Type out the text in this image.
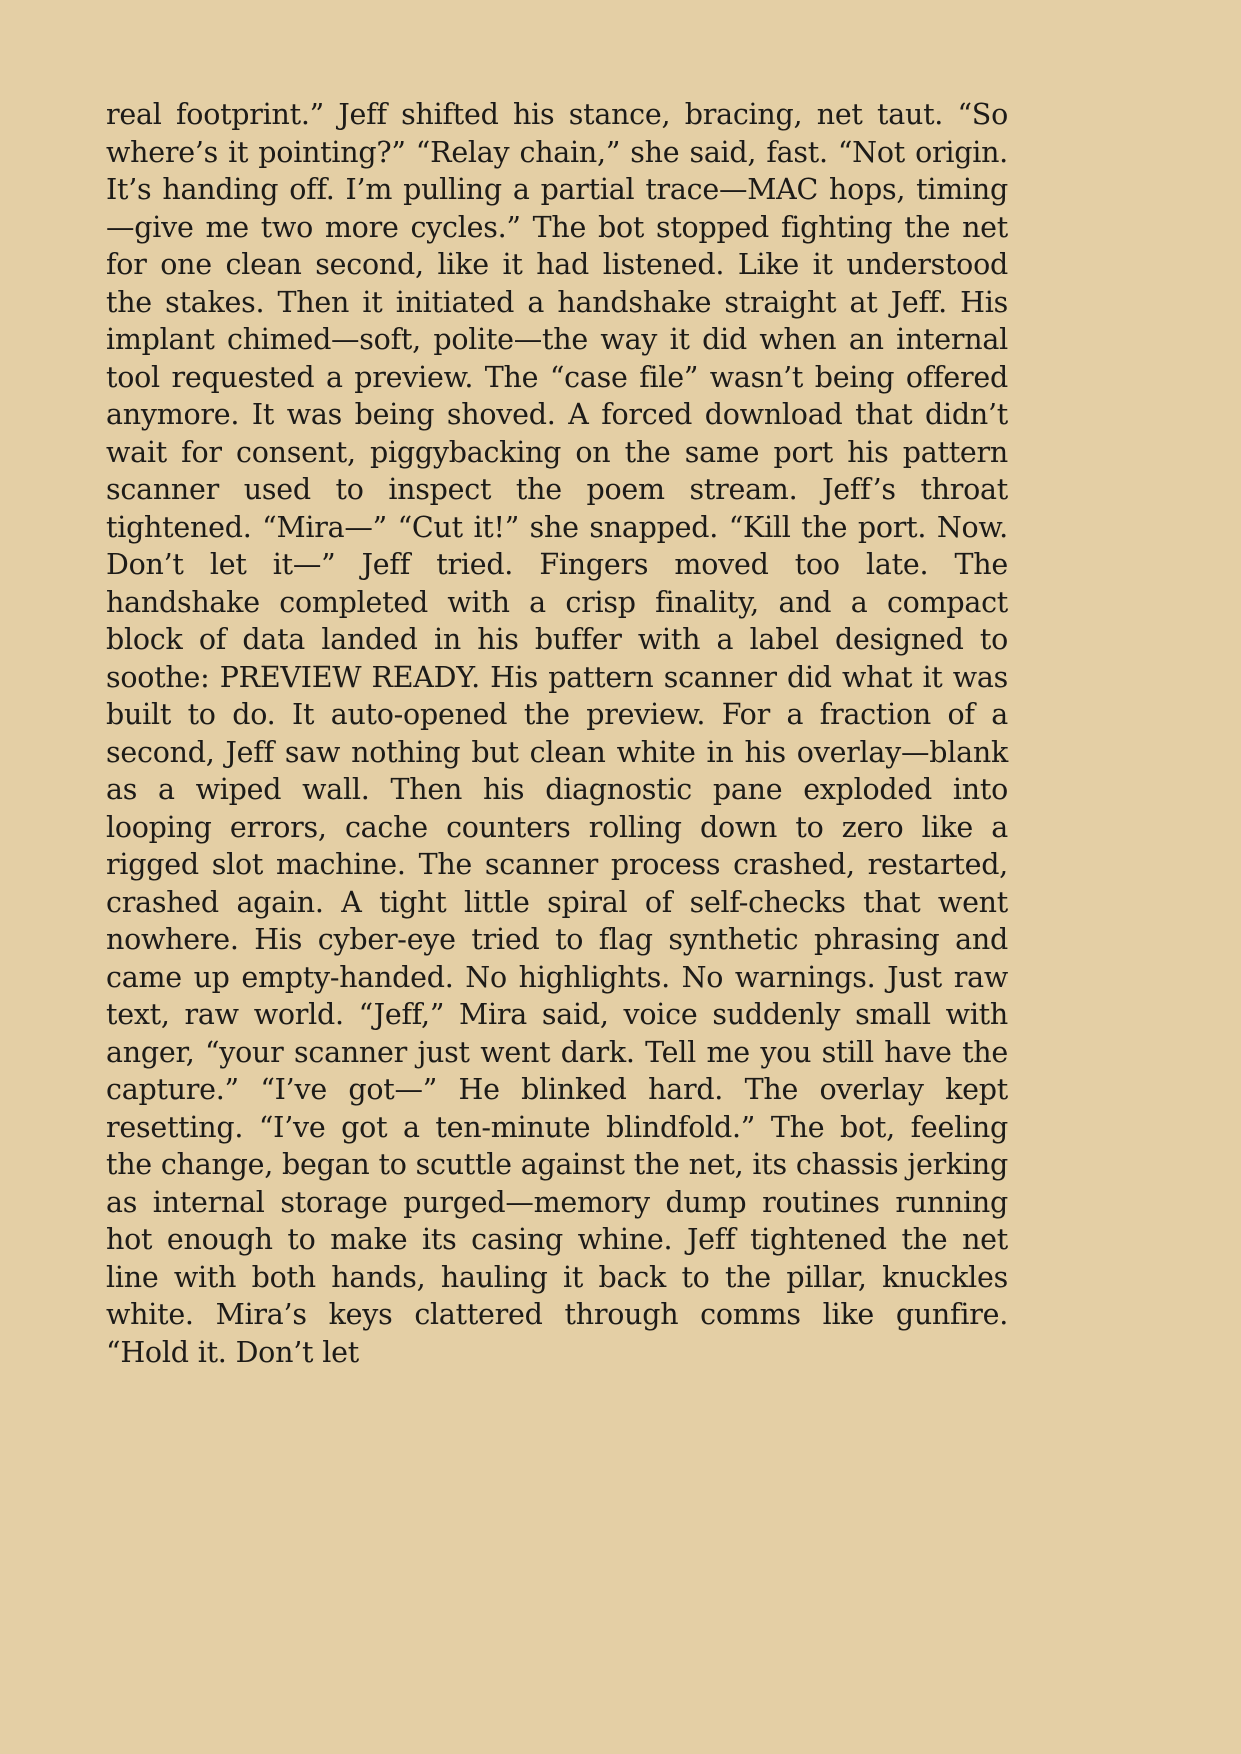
real footprint.” Jeff shifted his stance, bracing, net taut. “So where’s it pointing?” “Relay chain,” she said, fast. “Not origin. It’s handing off. I’m pulling a partial trace—MAC hops, timing—give me two more cycles.” The bot stopped fighting the net for one clean second, like it had listened. Like it understood the stakes. Then it initiated a handshake straight at Jeff. His implant chimed—soft, polite—the way it did when an internal tool requested a preview. The “case file” wasn’t being offered anymore. It was being shoved. A forced download that didn’t wait for consent, piggybacking on the same port his pattern scanner used to inspect the poem stream. Jeff’s throat tightened. “Mira—” “Cut it!” she snapped. “Kill the port. Now. Don’t let it—” Jeff tried. Fingers moved too late. The handshake completed with a crisp finality, and a compact block of data landed in his buffer with a label designed to soothe: PREVIEW READY. His pattern scanner did what it was built to do. It auto-opened the preview. For a fraction of a second, Jeff saw nothing but clean white in his overlay—blank as a wiped wall. Then his diagnostic pane exploded into looping errors, cache counters rolling down to zero like a rigged slot machine. The scanner process crashed, restarted, crashed again. A tight little spiral of self-checks that went nowhere. His cyber-eye tried to flag synthetic phrasing and came up empty-handed. No highlights. No warnings. Just raw text, raw world. “Jeff,” Mira said, voice suddenly small with anger, “your scanner just went dark. Tell me you still have the capture.” “I’ve got—” He blinked hard. The overlay kept resetting. “I’ve got a ten-minute blindfold.” The bot, feeling the change, began to scuttle against the net, its chassis jerking as internal storage purged—memory dump routines running hot enough to make its casing whine. Jeff tightened the net line with both hands, hauling it back to the pillar, knuckles white. Mira’s keys clattered through comms like gunfire. “Hold it. Don’t let
